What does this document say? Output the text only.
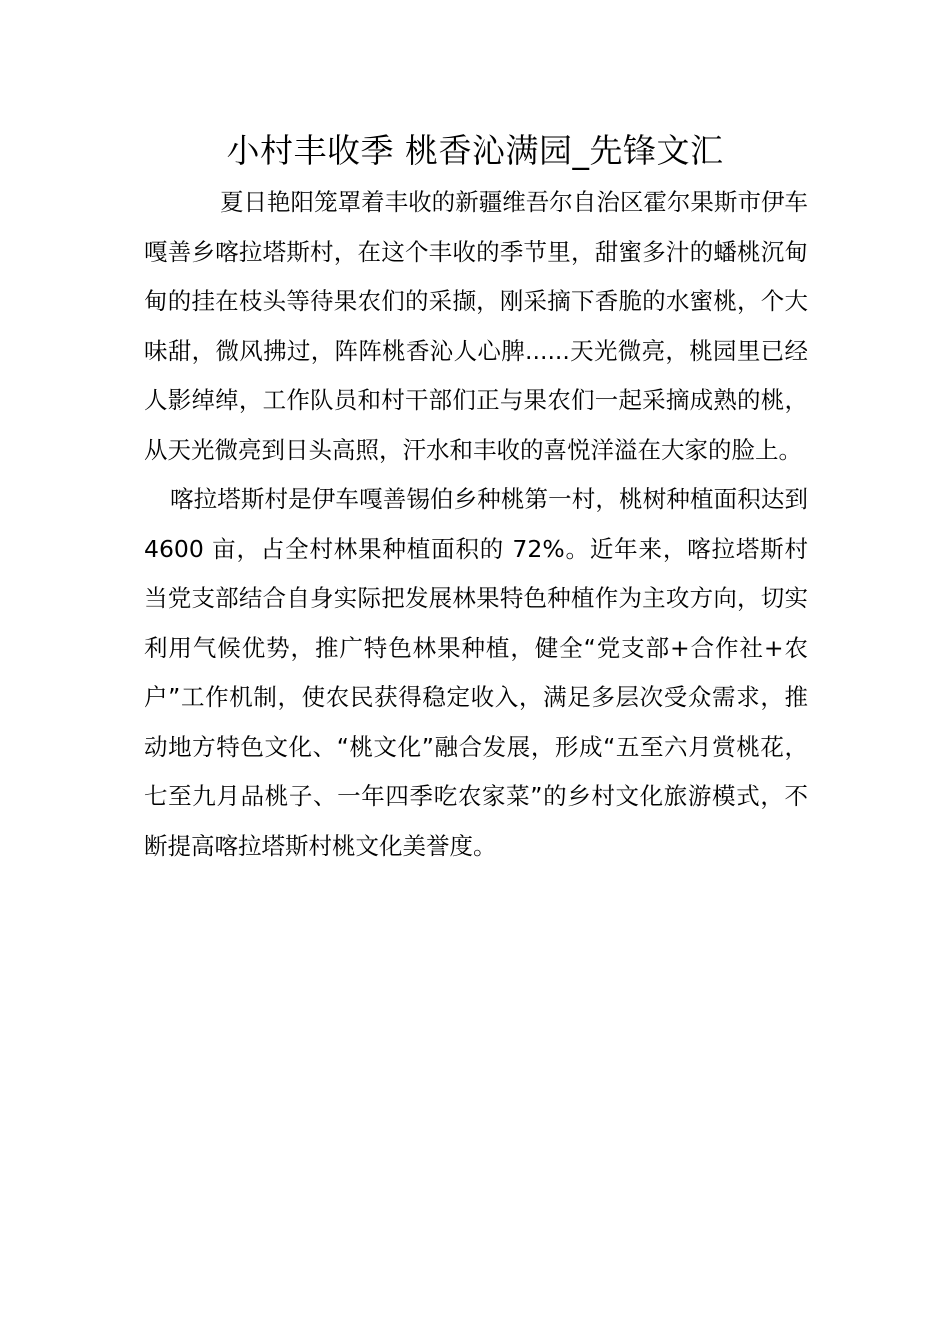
小村丰收季 桃香沁满园_先锋文汇

夏日艳阳笼罩着丰收的新疆维吾尔自治区霍尔果斯市伊车嘎善乡喀拉塔斯村，在这个丰收的季节里，甜蜜多汁的蟠桃沉甸甸的挂在枝头等待果农们的采撷，刚采摘下香脆的水蜜桃，个大味甜，微风拂过，阵阵桃香沁人心脾......天光微亮，桃园里已经人影绰绰，工作队员和村干部们正与果农们一起采摘成熟的桃，从天光微亮到日头高照，汗水和丰收的喜悦洋溢在大家的脸上。

喀拉塔斯村是伊车嘎善锡伯乡种桃第一村，桃树种植面积达到 4600 亩，占全村林果种植面积的 72%。近年来，喀拉塔斯村当党支部结合自身实际把发展林果特色种植作为主攻方向，切实利用气候优势，推广特色林果种植，健全“党支部+合作社+农户”工作机制，使农民获得稳定收入，满足多层次受众需求，推动地方特色文化、“桃文化”融合发展，形成“五至六月赏桃花，七至九月品桃子、一年四季吃农家菜”的乡村文化旅游模式，不断提高喀拉塔斯村桃文化美誉度。
